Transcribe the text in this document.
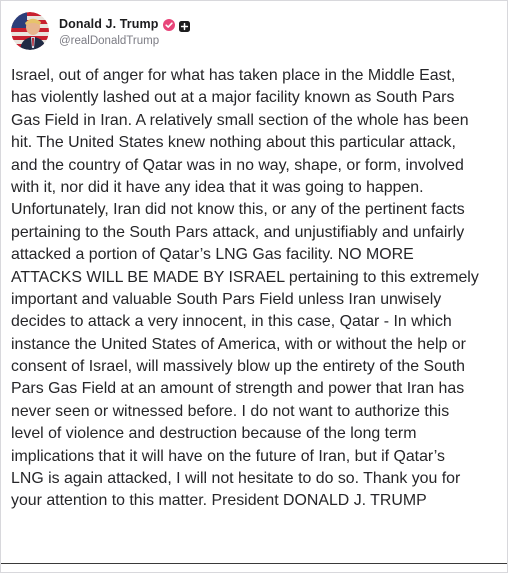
Donald J. Trump
@realDonaldTrump
Israel, out of anger for what has taken place in the Middle East,
has violently lashed out at a major facility known as South Pars
Gas Field in Iran. A relatively small section of the whole has been
hit. The United States knew nothing about this particular attack,
and the country of Qatar was in no way, shape, or form, involved
with it, nor did it have any idea that it was going to happen.
Unfortunately, Iran did not know this, or any of the pertinent facts
pertaining to the South Pars attack, and unjustifiably and unfairly
attacked a portion of Qatar’s LNG Gas facility. NO MORE
ATTACKS WILL BE MADE BY ISRAEL pertaining to this extremely
important and valuable South Pars Field unless Iran unwisely
decides to attack a very innocent, in this case, Qatar - In which
instance the United States of America, with or without the help or
consent of Israel, will massively blow up the entirety of the South
Pars Gas Field at an amount of strength and power that Iran has
never seen or witnessed before. I do not want to authorize this
level of violence and destruction because of the long term
implications that it will have on the future of Iran, but if Qatar’s
LNG is again attacked, I will not hesitate to do so. Thank you for
your attention to this matter. President DONALD J. TRUMP
